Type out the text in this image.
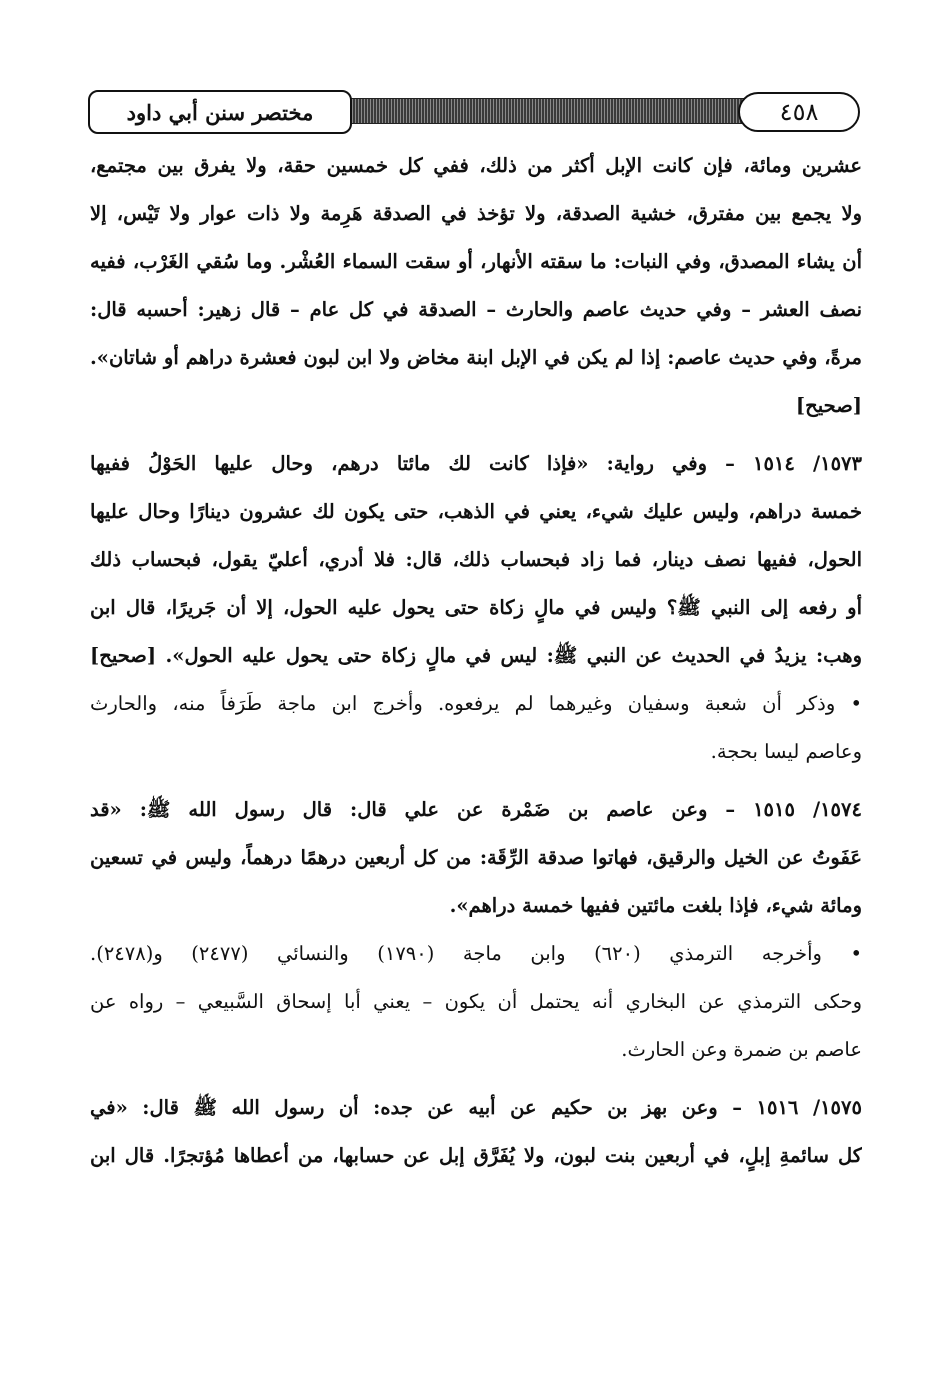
مختصر سنن أبي داود	٤٥٨

عشرين ومائة، فإن كانت الإبل أكثر من ذلك، ففي كل خمسين حقة، ولا يفرق بين مجتمع،

ولا يجمع بين مفترق، خشية الصدقة، ولا تؤخذ في الصدقة هَرِمة ولا ذات عوار ولا تَيْس، إلا

أن يشاء المصدق، وفي النبات: ما سقته الأنهار، أو سقت السماء العُشْر. وما سُقي الغَرْب، ففيه

نصف العشر – وفي حديث عاصم والحارث – الصدقة في كل عام – قال زهير: أحسبه قال:

مرةً، وفي حديث عاصم: إذا لم يكن في الإبل ابنة مخاض ولا ابن لبون فعشرة دراهم أو شاتان».

[صحيح]

١٥٧٣/ ١٥١٤ – وفي رواية: «فإذا كانت لك مائتا درهم، وحال عليها الحَوْلُ ففيها

خمسة دراهم، وليس عليك شيء، يعني في الذهب، حتى يكون لك عشرون دينارًا وحال عليها

الحول، ففيها نصف دينار، فما زاد فبحساب ذلك، قال: فلا أدري، أعليّ يقول، فبحساب ذلك

أو رفعه إلى النبي ﷺ؟ وليس في مالٍ زكاة حتى يحول عليه الحول، إلا أن جَريرًا، قال ابن

وهب: يزيدُ في الحديث عن النبي ﷺ: ليس في مالٍ زكاة حتى يحول عليه الحول». [صحيح]

• وذكر أن شعبة وسفيان وغيرهما لم يرفعوه. وأخرج ابن ماجة طَرَفاً منه، والحارث

وعاصم ليسا بحجة.

١٥٧٤/ ١٥١٥ – وعن عاصم بن ضَمْرة عن علي قال: قال رسول الله ﷺ: «قد

عَفَوتُ عن الخيل والرقيق، فهاتوا صدقة الرِّقَة: من كل أربعين درهمًا درهماً، وليس في تسعين

ومائة شيء، فإذا بلغت مائتين ففيها خمسة دراهم».

• وأخرجه الترمذي (٦٢٠) وابن ماجة (١٧٩٠) والنسائي (٢٤٧٧) و(٢٤٧٨).

وحكى الترمذي عن البخاري أنه يحتمل أن يكون – يعني أبا إسحاق السَّبيعي – رواه عن

عاصم بن ضمرة وعن الحارث.

١٥٧٥/ ١٥١٦ – وعن بهز بن حكيم عن أبيه عن جده: أن رسول الله ﷺ قال: «في

كل سائمةِ إبلٍ، في أربعين بنت لبون، ولا يُفَرَّق إبل عن حسابها، من أعطاها مُؤتجرًا. قال ابن
